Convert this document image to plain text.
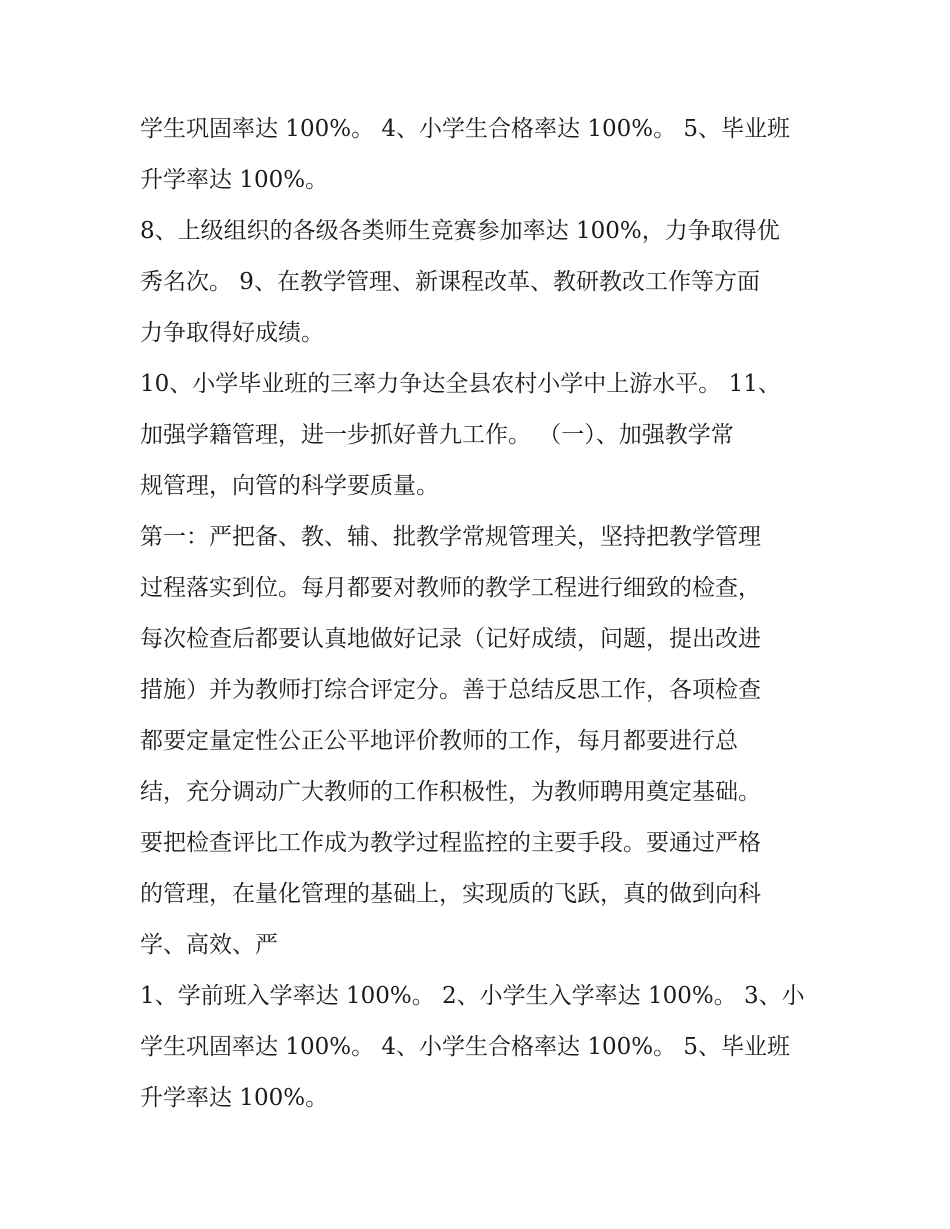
学生巩固率达 100%。 4、小学生合格率达 100%。 5、毕业班
升学率达 100%。
8、上级组织的各级各类师生竞赛参加率达 100%，力争取得优
秀名次。 9、在教学管理、新课程改革、教研教改工作等方面
力争取得好成绩。
10、小学毕业班的三率力争达全县农村小学中上游水平。 11、
加强学籍管理，进一步抓好普九工作。 （一）、加强教学常
规管理，向管的科学要质量。
第一：严把备、教、辅、批教学常规管理关，坚持把教学管理
过程落实到位。每月都要对教师的教学工程进行细致的检查，
每次检查后都要认真地做好记录（记好成绩，问题，提出改进
措施）并为教师打综合评定分。善于总结反思工作，各项检查
都要定量定性公正公平地评价教师的工作，每月都要进行总
结，充分调动广大教师的工作积极性，为教师聘用奠定基础。
要把检查评比工作成为教学过程监控的主要手段。要通过严格
的管理，在量化管理的基础上，实现质的飞跃，真的做到向科
学、高效、严
1、学前班入学率达 100%。 2、小学生入学率达 100%。 3、小
学生巩固率达 100%。 4、小学生合格率达 100%。 5、毕业班
升学率达 100%。
